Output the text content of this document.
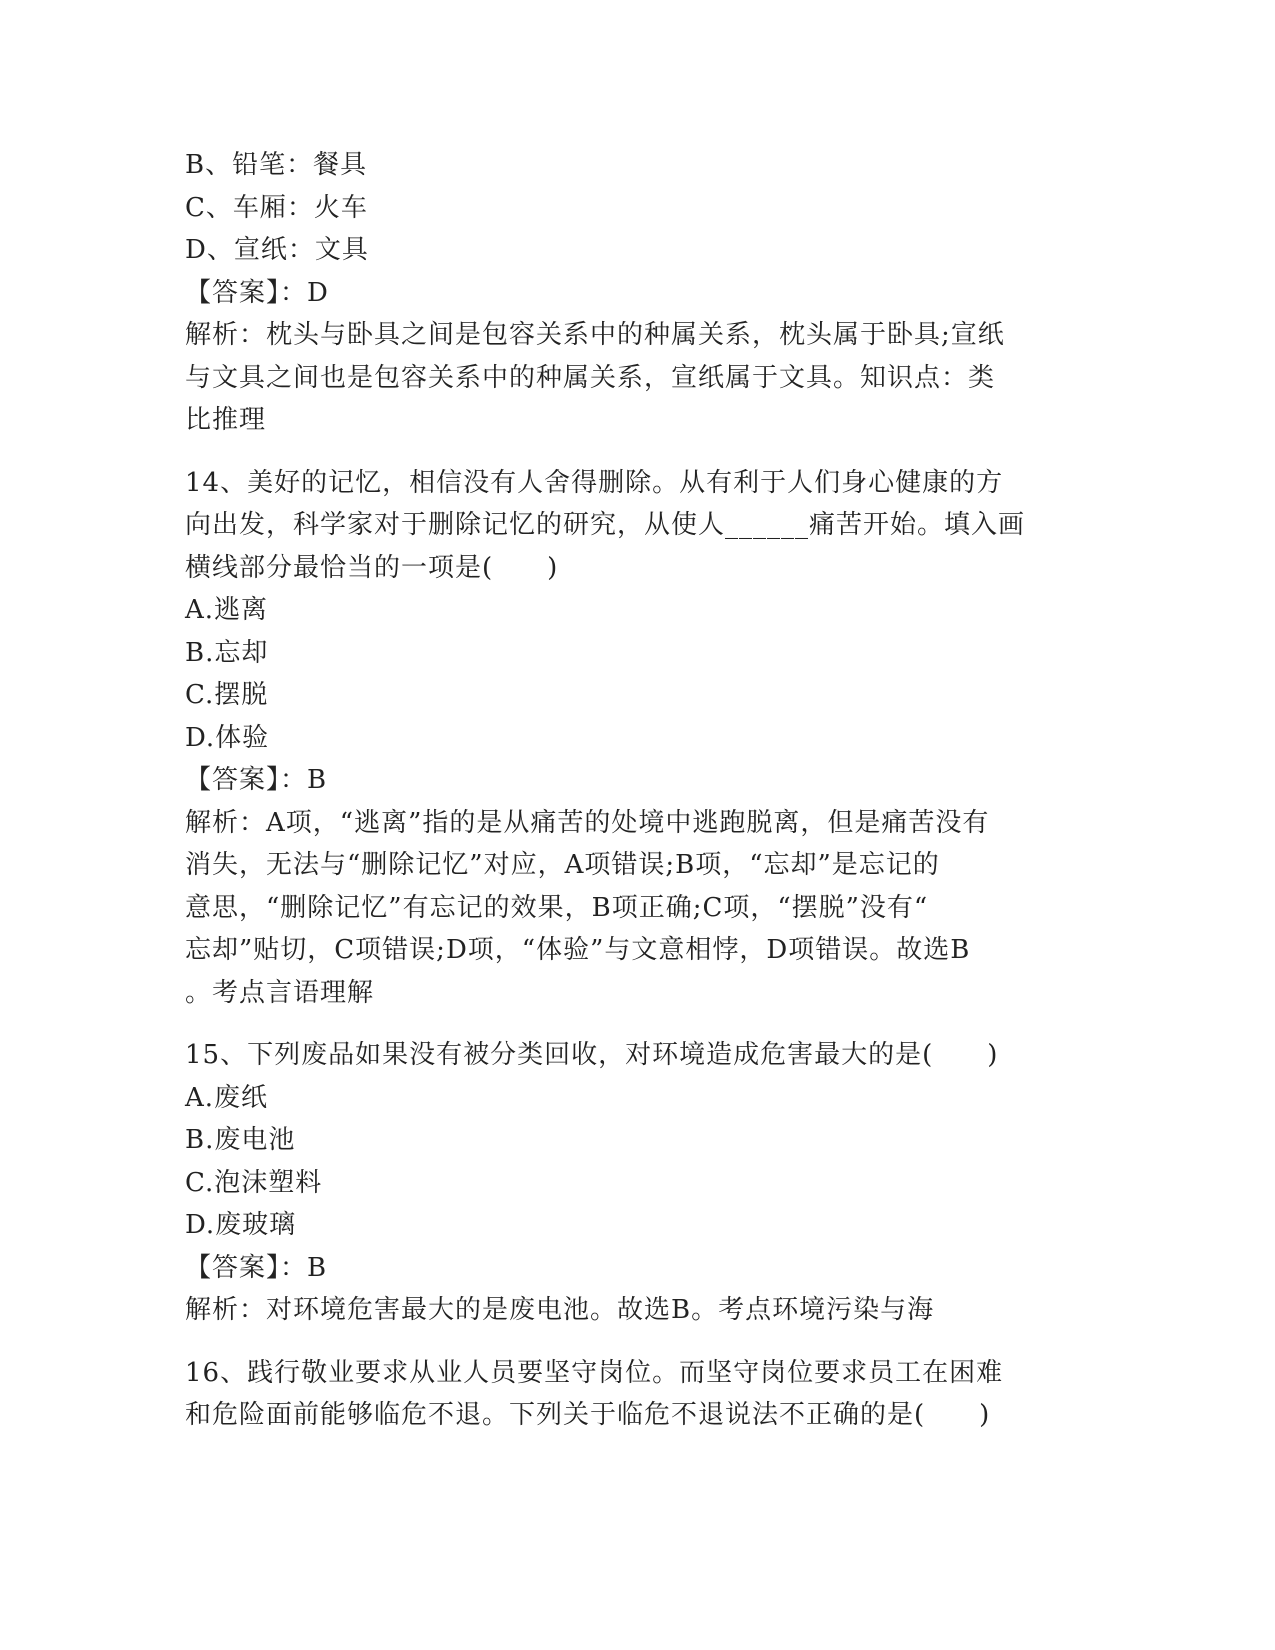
B、铅笔：餐具
C、车厢：火车
D、宣纸：文具
【答案】：D
解析：枕头与卧具之间是包容关系中的种属关系，枕头属于卧具;宣纸
与文具之间也是包容关系中的种属关系，宣纸属于文具。知识点：类
比推理
14、美好的记忆，相信没有人舍得删除。从有利于人们身心健康的方
向出发，科学家对于删除记忆的研究，从使人______痛苦开始。填入画
横线部分最恰当的一项是(　　)
A.逃离
B.忘却
C.摆脱
D.体验
【答案】：B
解析：A项，“逃离”指的是从痛苦的处境中逃跑脱离，但是痛苦没有
消失，无法与“删除记忆”对应，A项错误;B项，“忘却”是忘记的
意思，“删除记忆”有忘记的效果，B项正确;C项，“摆脱”没有“
忘却”贴切，C项错误;D项，“体验”与文意相悖，D项错误。故选B
。考点言语理解
15、下列废品如果没有被分类回收，对环境造成危害最大的是(　　)
A.废纸
B.废电池
C.泡沫塑料
D.废玻璃
【答案】：B
解析：对环境危害最大的是废电池。故选B。考点环境污染与海
16、践行敬业要求从业人员要坚守岗位。而坚守岗位要求员工在困难
和危险面前能够临危不退。下列关于临危不退说法不正确的是(　　)
